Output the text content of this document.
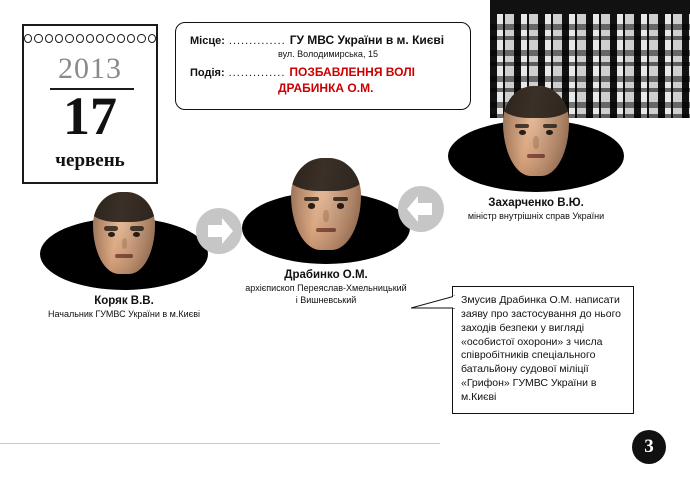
2013
17
червень
Місце: .............. ГУ МВС України в м. Києві
вул. Володимирська, 15
Подія: .............. ПОЗБАВЛЕННЯ ВОЛІ
ДРАБИНКА О.М.
Захарченко В.Ю.
міністр внутрішніх справ України
Драбинко О.М.
архієпископ Переяслав-Хмельницький
і Вишневський
Коряк В.В.
Начальник ГУМВС України в м.Києві
Змусив Драбинка О.М. написати заяву про застосування до нього заходів безпеки у вигляді «особистої охорони» з числа співробітників спеціального батальйону судової міліції «Грифон» ГУМВС України в м.Києві
3
